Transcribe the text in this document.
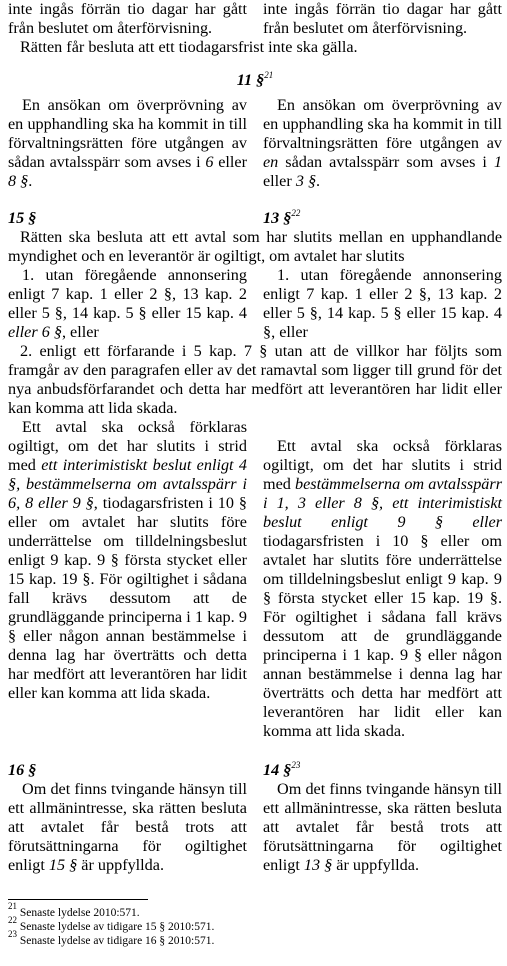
inte ingås förrän tio dagar har gått från beslutet om återförvisning.

inte ingås förrän tio dagar har gått från beslutet om återförvisning.

Rätten får besluta att ett tiodagarsfrist inte ska gälla.

11 §$^{21}$

En ansökan om överprövning av en upphandling ska ha kommit in till förvaltningsrätten före utgången av sådan avtalsspärr som avses i 6 eller 8 §.

En ansökan om överprövning av en upphandling ska ha kommit in till förvaltningsrätten före utgången av en sådan avtalsspärr som avses i 1 eller 3 §.

15 §	13 §$^{22}$

Rätten ska besluta att ett avtal som har slutits mellan en upphandlande myndighet och en leverantör är ogiltigt, om avtalet har slutits

1. utan föregående annonsering enligt 7 kap. 1 eller 2 §, 13 kap. 2 eller 5 §, 14 kap. 5 § eller 15 kap. 4 eller 6 §, eller

1. utan föregående annonsering enligt 7 kap. 1 eller 2 §, 13 kap. 2 eller 5 §, 14 kap. 5 § eller 15 kap. 4 §, eller

2. enligt ett förfarande i 5 kap. 7 § utan att de villkor har följts som framgår av den paragrafen eller av det ramavtal som ligger till grund för det nya anbudsförfarandet och detta har medfört att leverantören har lidit eller kan komma att lida skada.

Ett avtal ska också förklaras ogiltigt, om det har slutits i strid med ett interimistiskt beslut enligt 4 §, bestämmelserna om avtalsspärr i 6, 8 eller 9 §, tiodagarsfristen i 10 § eller om avtalet har slutits före underrättelse om tilldelningsbeslut enligt 9 kap. 9 § första stycket eller 15 kap. 19 §. För ogiltighet i sådana fall krävs dessutom att de grundläggande principerna i 1 kap. 9 § eller någon annan bestämmelse i denna lag har överträtts och detta har medfört att leverantören har lidit eller kan komma att lida skada.

Ett avtal ska också förklaras ogiltigt, om det har slutits i strid med bestämmelserna om avtalsspärr i 1, 3 eller 8 §, ett interimistiskt beslut enligt 9 § eller tiodagarsfristen i 10 § eller om avtalet har slutits före underrättelse om tilldelningsbeslut enligt 9 kap. 9 § första stycket eller 15 kap. 19 §. För ogiltighet i sådana fall krävs dessutom att de grundläggande principerna i 1 kap. 9 § eller någon annan bestämmelse i denna lag har överträtts och detta har medfört att leverantören har lidit eller kan komma att lida skada.

16 §	14 §$^{23}$

Om det finns tvingande hänsyn till ett allmänintresse, ska rätten besluta att avtalet får bestå trots att förutsättningarna för ogiltighet enligt 15 § är uppfyllda.

Om det finns tvingande hänsyn till ett allmänintresse, ska rätten besluta att avtalet får bestå trots att förutsättningarna för ogiltighet enligt 13 § är uppfyllda.

$^{21}$ Senaste lydelse 2010:571.

$^{22}$ Senaste lydelse av tidigare 15 § 2010:571.

$^{23}$ Senaste lydelse av tidigare 16 § 2010:571.
